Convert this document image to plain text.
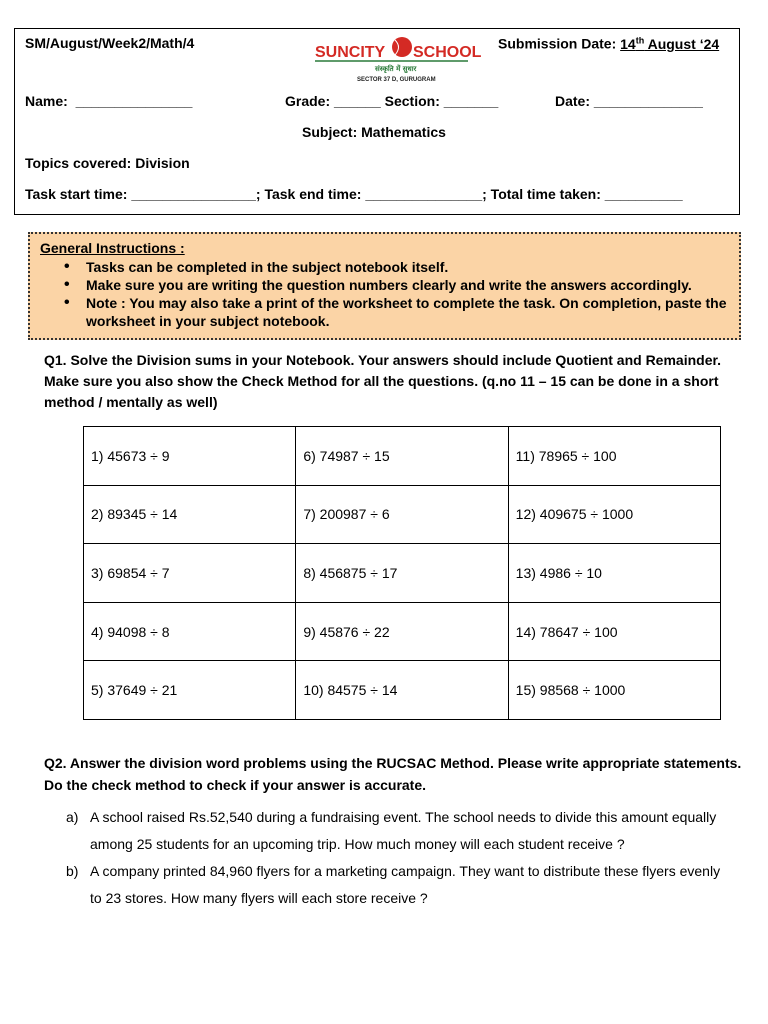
SM/August/Week2/Math/4	Submission Date: 14th August ‘24
SUNCITY SCHOOL
संस्कृति में सुधार
SECTOR 37 D, GURUGRAM
Name: _______________	Grade: ______ Section: _______	Date: ______________
Subject: Mathematics
Topics covered: Division
Task start time: ________________; Task end time: _______________; Total time taken: __________
General Instructions :
• Tasks can be completed in the subject notebook itself.
• Make sure you are writing the question numbers clearly and write the answers accordingly.
• Note : You may also take a print of the worksheet to complete the task. On completion, paste the worksheet in your subject notebook.
Q1. Solve the Division sums in your Notebook. Your answers should include Quotient and Remainder. Make sure you also show the Check Method for all the questions. (q.no 11 – 15 can be done in a short method / mentally as well)
1) 45673 ÷ 9	6) 74987 ÷ 15	11) 78965 ÷ 100
2) 89345 ÷ 14	7) 200987 ÷ 6	12) 409675 ÷ 1000
3) 69854 ÷ 7	8) 456875 ÷ 17	13) 4986 ÷ 10
4) 94098 ÷ 8	9) 45876 ÷ 22	14) 78647 ÷ 100
5) 37649 ÷ 21	10) 84575 ÷ 14	15) 98568 ÷ 1000
Q2. Answer the division word problems using the RUCSAC Method. Please write appropriate statements. Do the check method to check if your answer is accurate.
a) A school raised Rs.52,540 during a fundraising event. The school needs to divide this amount equally among 25 students for an upcoming trip. How much money will each student receive ?
b) A company printed 84,960 flyers for a marketing campaign. They want to distribute these flyers evenly to 23 stores. How many flyers will each store receive ?
